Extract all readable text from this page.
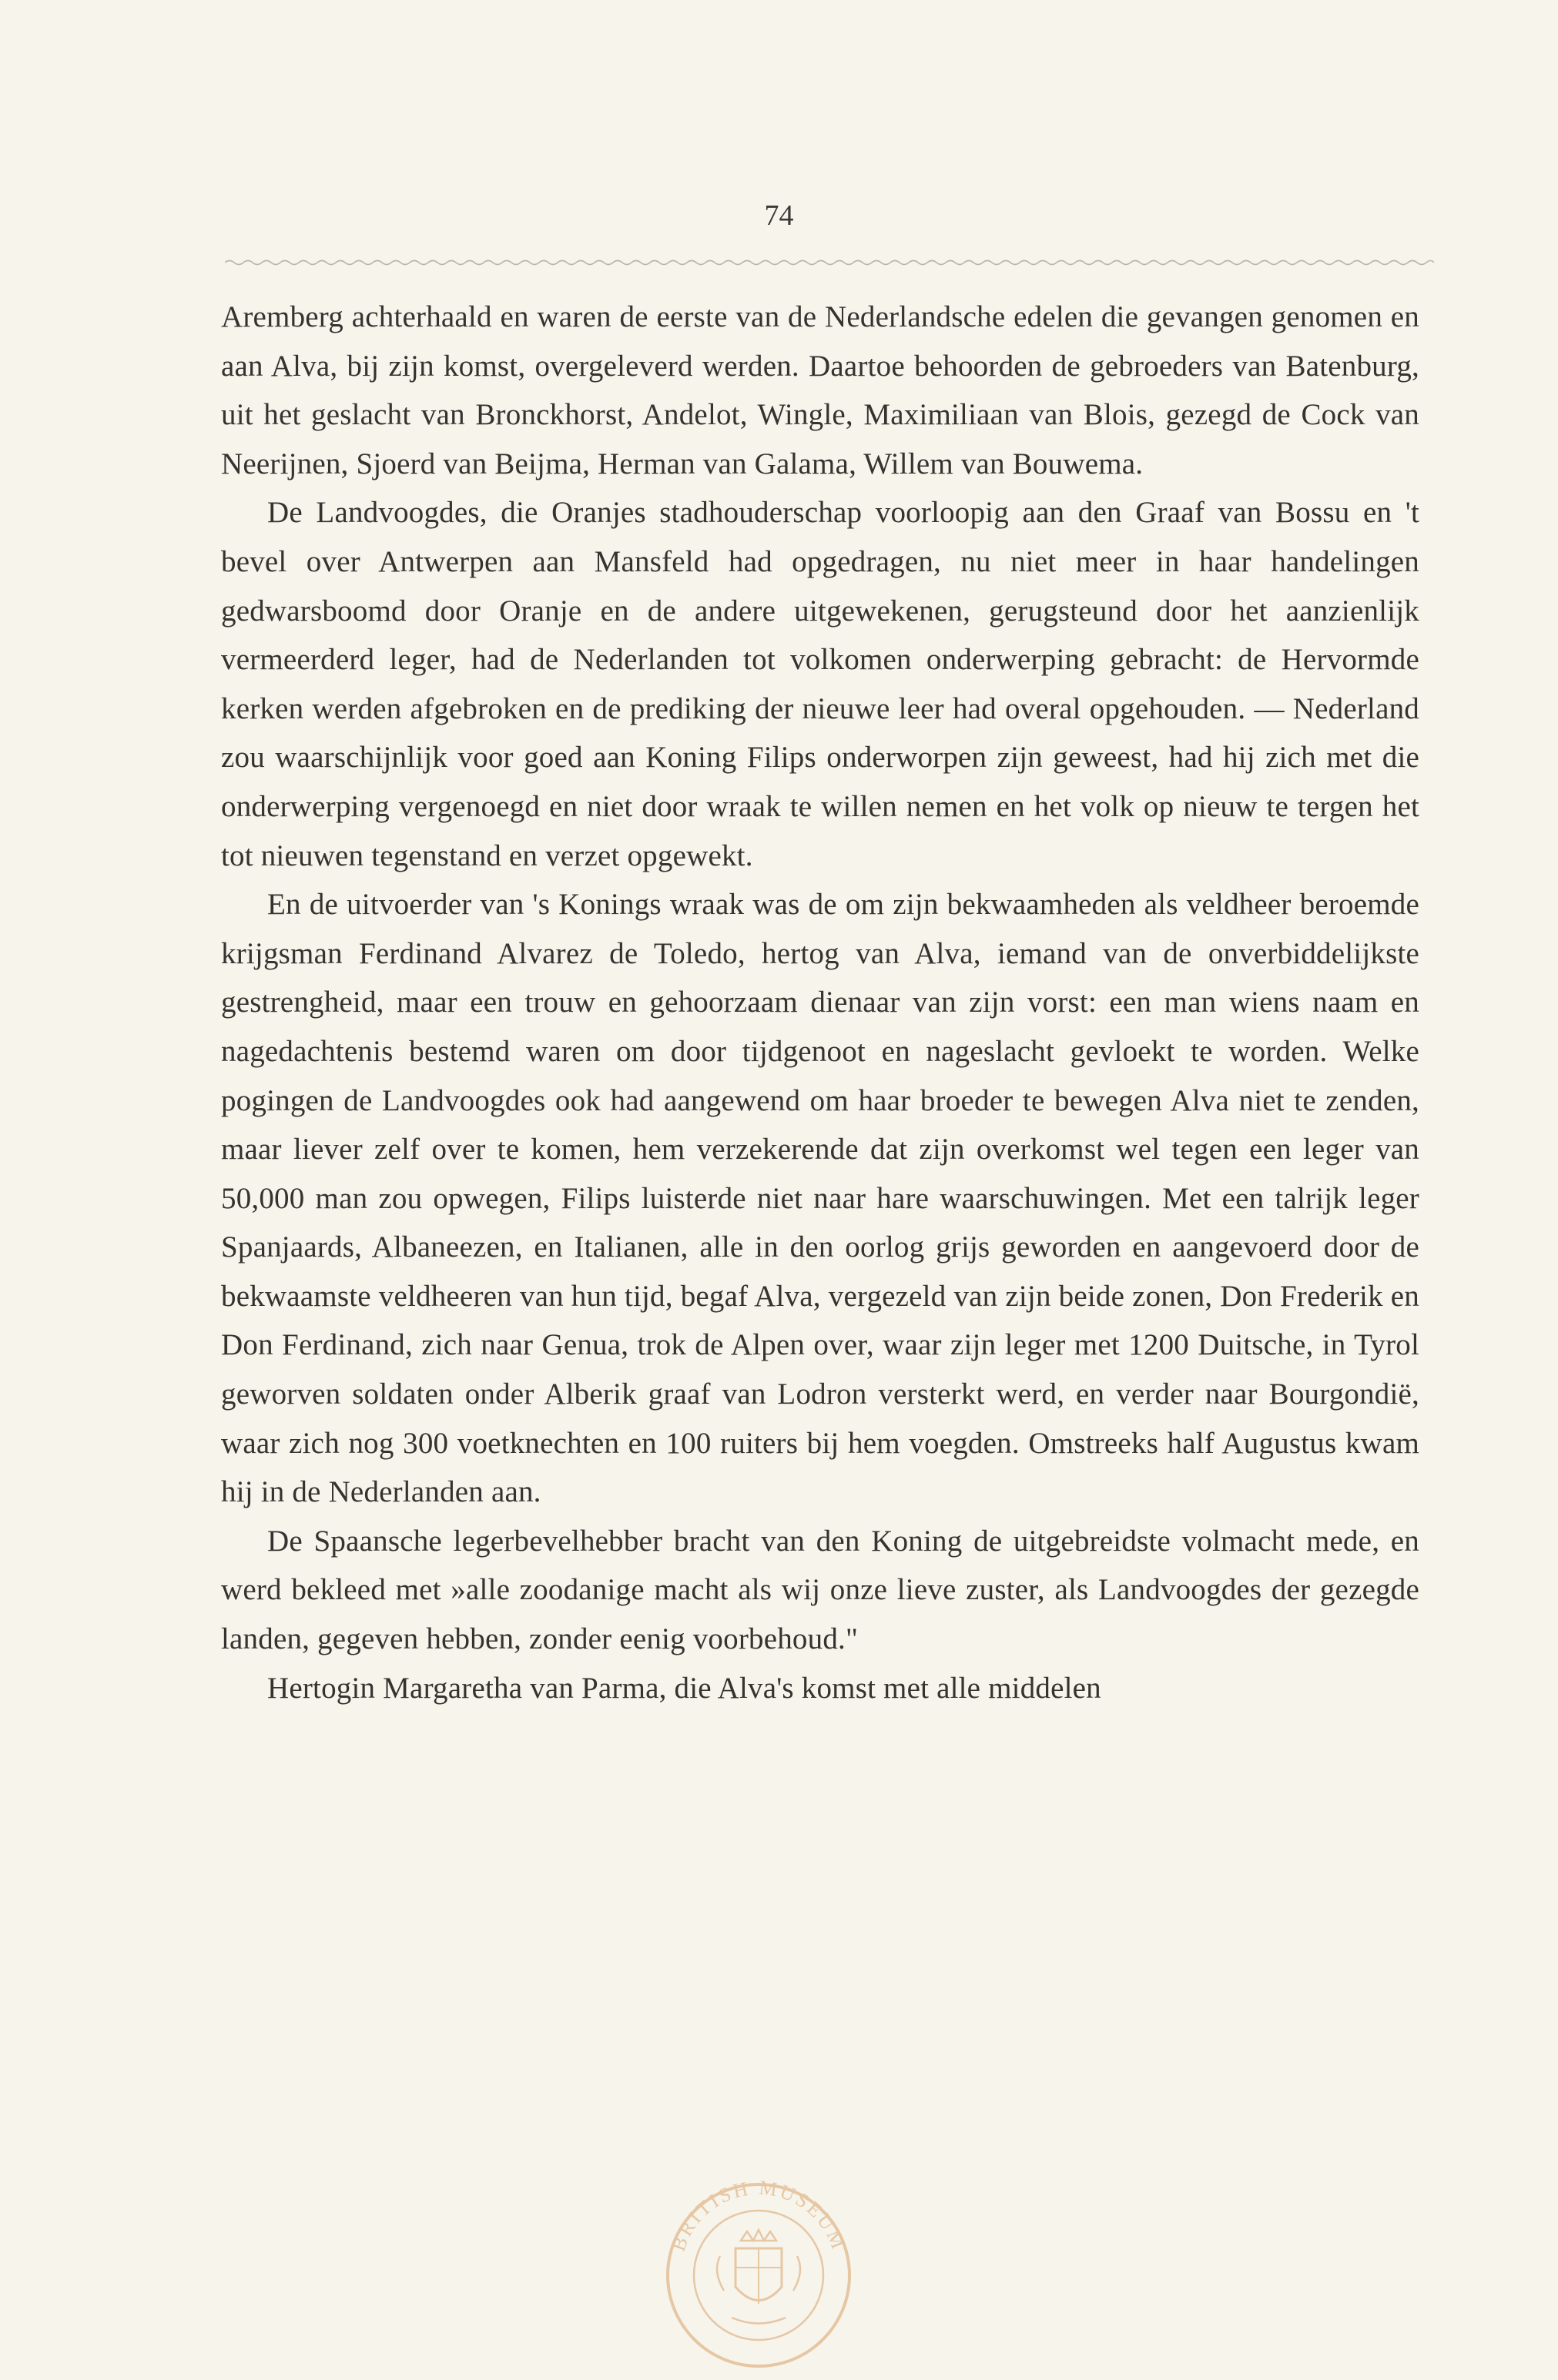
74

Aremberg achterhaald en waren de eerste van de Nederlandsche edelen die gevangen genomen en aan Alva, bij zijn komst, overgeleverd werden. Daartoe behoorden de gebroeders van Batenburg, uit het geslacht van Bronckhorst, Andelot, Wingle, Maximiliaan van Blois, gezegd de Cock van Neerijnen, Sjoerd van Beijma, Herman van Galama, Willem van Bouwema.

De Landvoogdes, die Oranjes stadhouderschap voorloopig aan den Graaf van Bossu en 't bevel over Antwerpen aan Mansfeld had opgedragen, nu niet meer in haar handelingen gedwarsboomd door Oranje en de andere uitgewekenen, gerugsteund door het aanzienlijk vermeerderd leger, had de Nederlanden tot volkomen onderwerping gebracht: de Hervormde kerken werden afgebroken en de prediking der nieuwe leer had overal opgehouden. — Nederland zou waarschijnlijk voor goed aan Koning Filips onderworpen zijn geweest, had hij zich met die onderwerping vergenoegd en niet door wraak te willen nemen en het volk op nieuw te tergen het tot nieuwen tegenstand en verzet opgewekt.

En de uitvoerder van 's Konings wraak was de om zijn bekwaamheden als veldheer beroemde krijgsman Ferdinand Alvarez de Toledo, hertog van Alva, iemand van de onverbiddelijkste gestrengheid, maar een trouw en gehoorzaam dienaar van zijn vorst: een man wiens naam en nagedachtenis bestemd waren om door tijdgenoot en nageslacht gevloekt te worden. Welke pogingen de Landvoogdes ook had aangewend om haar broeder te bewegen Alva niet te zenden, maar liever zelf over te komen, hem verzekerende dat zijn overkomst wel tegen een leger van 50,000 man zou opwegen, Filips luisterde niet naar hare waarschuwingen. Met een talrijk leger Spanjaards, Albaneezen, en Italianen, alle in den oorlog grijs geworden en aangevoerd door de bekwaamste veldheeren van hun tijd, begaf Alva, vergezeld van zijn beide zonen, Don Frederik en Don Ferdinand, zich naar Genua, trok de Alpen over, waar zijn leger met 1200 Duitsche, in Tyrol geworven soldaten onder Alberik graaf van Lodron versterkt werd, en verder naar Bourgondië, waar zich nog 300 voetknechten en 100 ruiters bij hem voegden. Omstreeks half Augustus kwam hij in de Nederlanden aan.

De Spaansche legerbevelhebber bracht van den Koning de uitgebreidste volmacht mede, en werd bekleed met »alle zoodanige macht als wij onze lieve zuster, als Landvoogdes der gezegde landen, gegeven hebben, zonder eenig voorbehoud."

Hertogin Margaretha van Parma, die Alva's komst met alle middelen

BRITISH MUSEUM
